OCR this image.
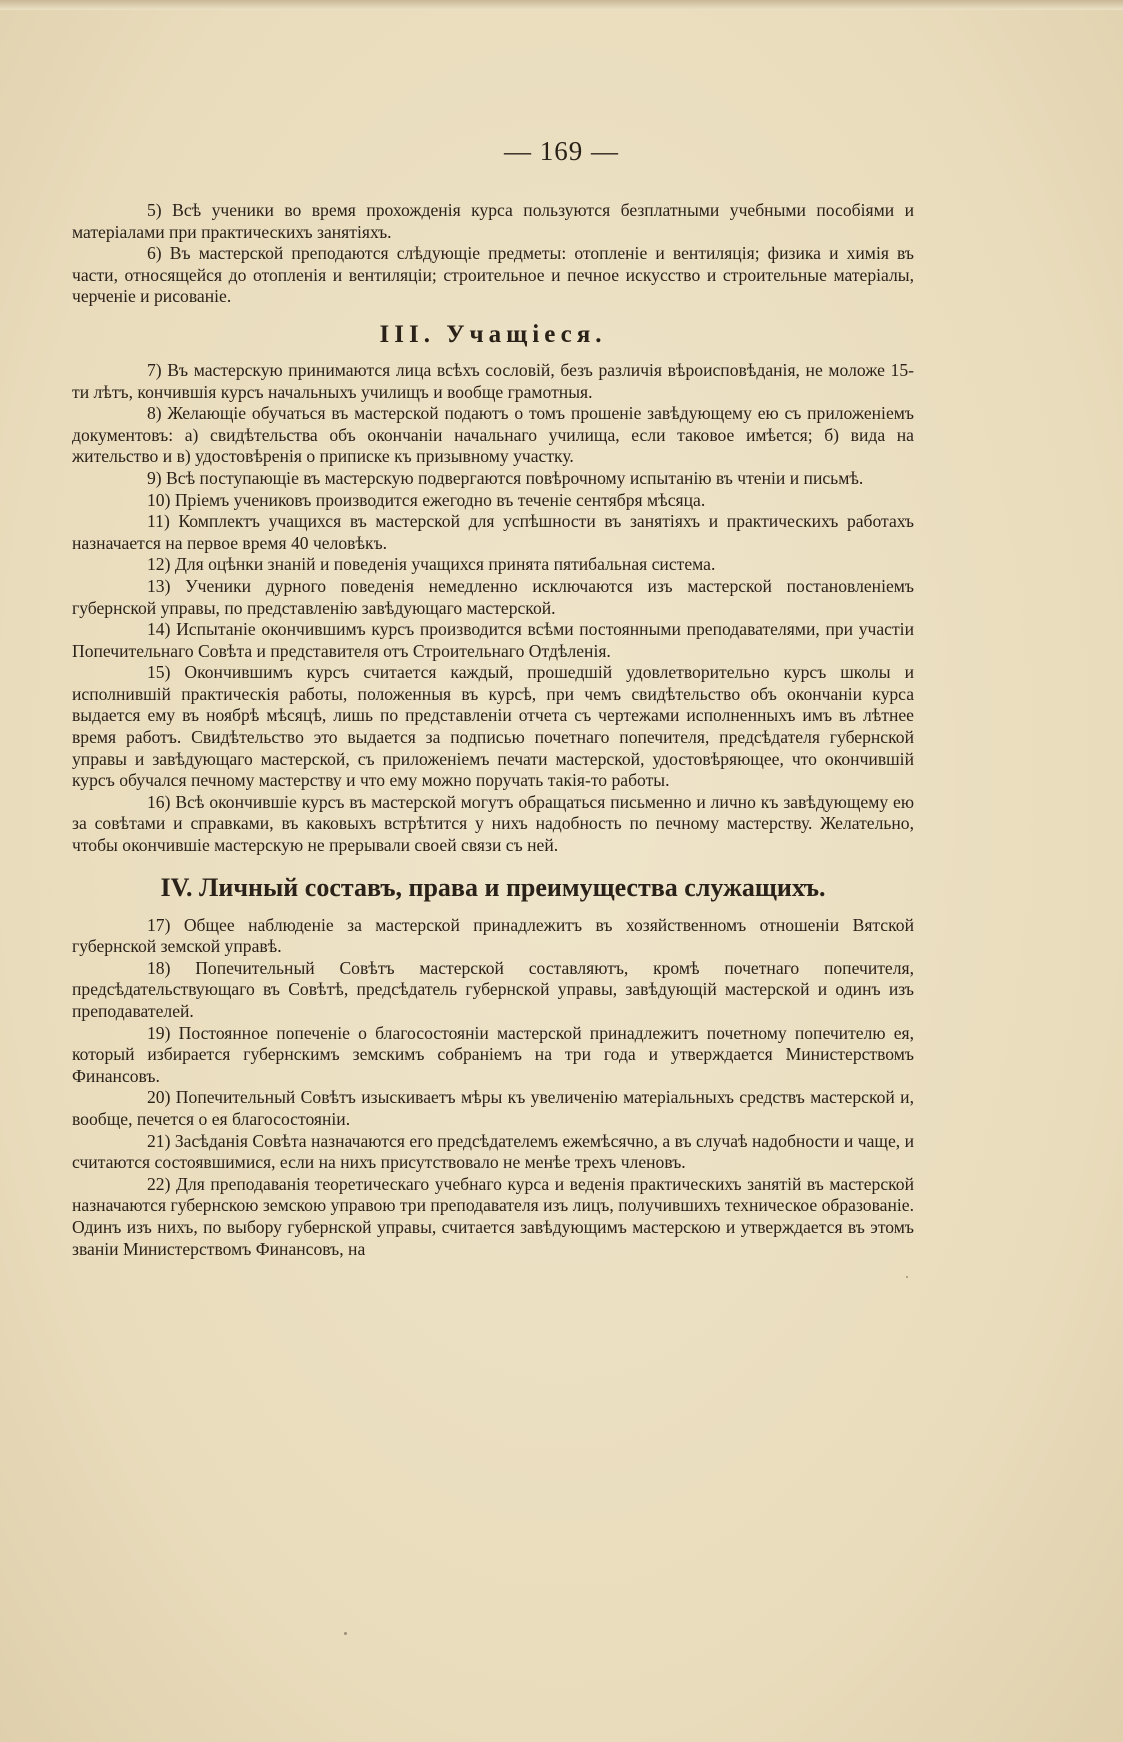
— 169 —

5) Всѣ ученики во время прохожденія курса пользуются безплатными учебными пособіями и матеріалами при практическихъ занятіяхъ.

6) Въ мастерской преподаются слѣдующіе предметы: отопленіе и вентиляція; физика и химія въ части, относящейся до отопленія и вентиляціи; строительное и печное искусство и строительные матеріалы, черченіе и рисованіе.

III. Учащіеся.

7) Въ мастерскую принимаются лица всѣхъ сословій, безъ различія вѣроисповѣданія, не моложе 15-ти лѣтъ, кончившія курсъ начальныхъ училищъ и вообще грамотныя.

8) Желающіе обучаться въ мастерской подаютъ о томъ прошеніе завѣдующему ею съ приложеніемъ документовъ: а) свидѣтельства объ окончаніи начальнаго училища, если таковое имѣется; б) вида на жительство и в) удостовѣренія о приписке къ призывному участку.

9) Всѣ поступающіе въ мастерскую подвергаются повѣрочному испытанію въ чтеніи и письмѣ.

10) Пріемъ учениковъ производится ежегодно въ теченіе сентября мѣсяца.

11) Комплектъ учащихся въ мастерской для успѣшности въ занятіяхъ и практическихъ работахъ назначается на первое время 40 человѣкъ.

12) Для оцѣнки знаній и поведенія учащихся принята пятибальная система.

13) Ученики дурного поведенія немедленно исключаются изъ мастерской постановленіемъ губернской управы, по представленію завѣдующаго мастерской.

14) Испытаніе окончившимъ курсъ производится всѣми постоянными преподавателями, при участіи Попечительнаго Совѣта и представителя отъ Строительнаго Отдѣленія.

15) Окончившимъ курсъ считается каждый, прошедшій удовлетворительно курсъ школы и исполнившій практическія работы, положенныя въ курсѣ, при чемъ свидѣтельство объ окончаніи курса выдается ему въ ноябрѣ мѣсяцѣ, лишь по представленіи отчета съ чертежами исполненныхъ имъ въ лѣтнее время работъ. Свидѣтельство это выдается за подписью почетнаго попечителя, предсѣдателя губернской управы и завѣдующаго мастерской, съ приложеніемъ печати мастерской, удостовѣряющее, что окончившій курсъ обучался печному мастерству и что ему можно поручать такія-то работы.

16) Всѣ окончившіе курсъ въ мастерской могутъ обращаться письменно и лично къ завѣдующему ею за совѣтами и справками, въ каковыхъ встрѣтится у нихъ надобность по печному мастерству. Желательно, чтобы окончившіе мастерскую не прерывали своей связи съ ней.

IV. Личный составъ, права и преимущества служащихъ.

17) Общее наблюденіе за мастерской принадлежитъ въ хозяйственномъ отношеніи Вятской губернской земской управѣ.

18) Попечительный Совѣтъ мастерской составляютъ, кромѣ почетнаго попечителя, предсѣдательствующаго въ Совѣтѣ, предсѣдатель губернской управы, завѣдующій мастерской и одинъ изъ преподавателей.

19) Постоянное попеченіе о благосостояніи мастерской принадлежитъ почетному попечителю ея, который избирается губернскимъ земскимъ собраніемъ на три года и утверждается Министерствомъ Финансовъ.

20) Попечительный Совѣтъ изыскиваетъ мѣры къ увеличенію матеріальныхъ средствъ мастерской и, вообще, печется о ея благосостояніи.

21) Засѣданія Совѣта назначаются его предсѣдателемъ ежемѣсячно, а въ случаѣ надобности и чаще, и считаются состоявшимися, если на нихъ присутствовало не менѣе трехъ членовъ.

22) Для преподаванія теоретическаго учебнаго курса и веденія практическихъ занятій въ мастерской назначаются губернскою земскою управою три преподавателя изъ лицъ, получившихъ техническое образованіе. Одинъ изъ нихъ, по выбору губернской управы, считается завѣдующимъ мастерскою и утверждается въ этомъ званіи Министерствомъ Финансовъ, на
